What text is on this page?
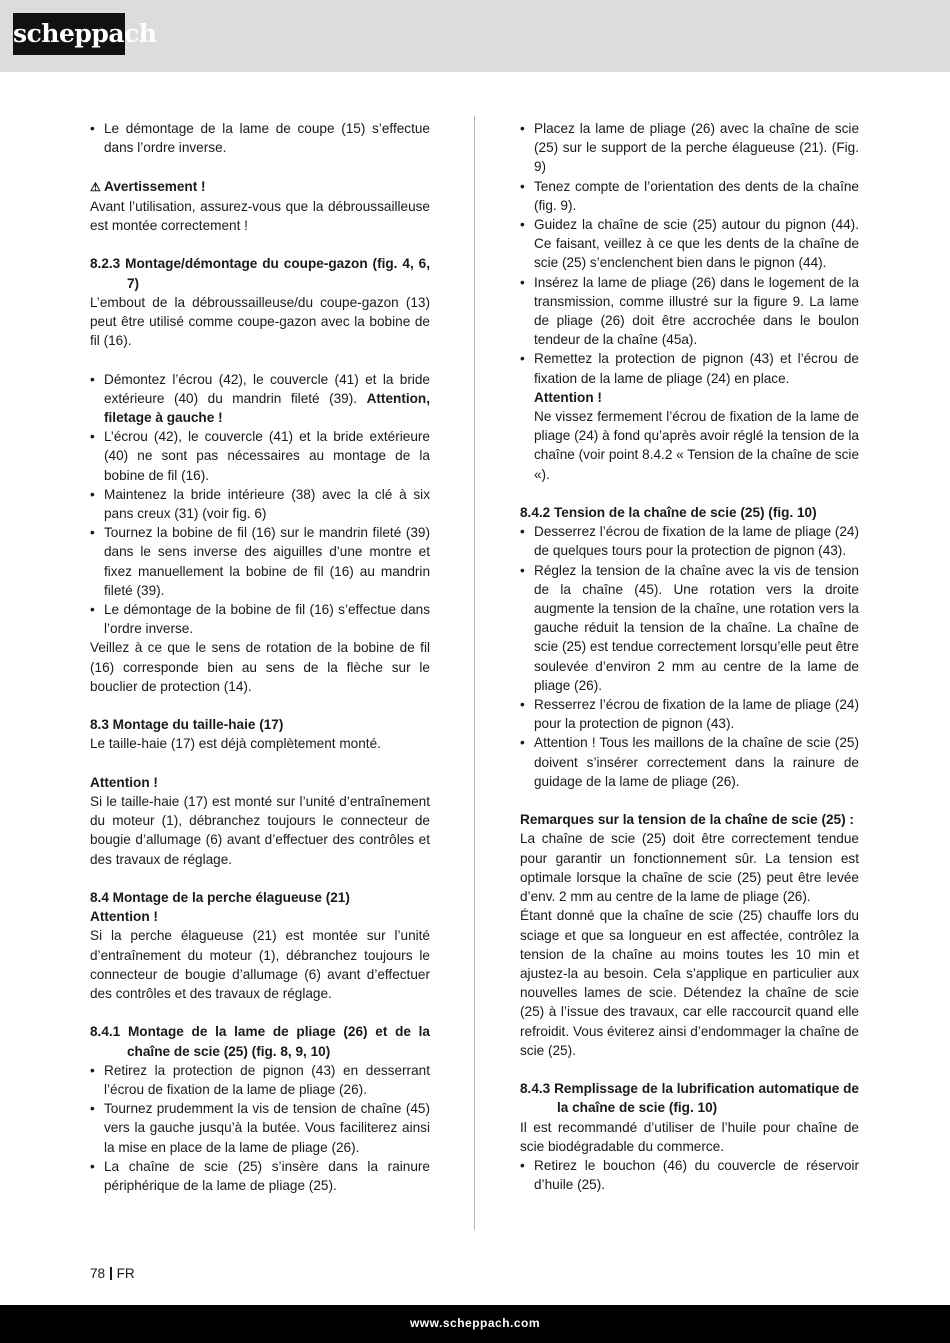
scheppach
• Le démontage de la lame de coupe (15) s’effectue dans l’ordre inverse.

⚠ Avertissement !

Avant l’utilisation, assurez-vous que la débroussailleuse est montée correctement !

8.2.3 Montage/démontage du coupe-gazon (fig. 4, 6, 7)

L’embout de la débroussailleuse/du coupe-gazon (13) peut être utilisé comme coupe-gazon avec la bobine de fil (16).

• Démontez l’écrou (42), le couvercle (41) et la bride extérieure (40) du mandrin fileté (39). Attention, filetage à gauche !
• L’écrou (42), le couvercle (41) et la bride extérieure (40) ne sont pas nécessaires au montage de la bobine de fil (16).
• Maintenez la bride intérieure (38) avec la clé à six pans creux (31) (voir fig. 6)
• Tournez la bobine de fil (16) sur le mandrin fileté (39) dans le sens inverse des aiguilles d’une montre et fixez manuellement la bobine de fil (16) au mandrin fileté (39).
• Le démontage de la bobine de fil (16) s’effectue dans l’ordre inverse.

Veillez à ce que le sens de rotation de la bobine de fil (16) corresponde bien au sens de la flèche sur le bouclier de protection (14).

8.3 Montage du taille-haie (17)

Le taille-haie (17) est déjà complètement monté.

Attention !

Si le taille-haie (17) est monté sur l’unité d’entraînement du moteur (1), débranchez toujours le connecteur de bougie d’allumage (6) avant d’effectuer des contrôles et des travaux de réglage.

8.4 Montage de la perche élagueuse (21)

Attention !

Si la perche élagueuse (21) est montée sur l’unité d’entraînement du moteur (1), débranchez toujours le connecteur de bougie d’allumage (6) avant d’effectuer des contrôles et des travaux de réglage.

8.4.1 Montage de la lame de pliage (26) et de la chaîne de scie (25) (fig. 8, 9, 10)

• Retirez la protection de pignon (43) en desserrant l’écrou de fixation de la lame de pliage (26).
• Tournez prudemment la vis de tension de chaîne (45) vers la gauche jusqu’à la butée. Vous faciliterez ainsi la mise en place de la lame de pliage (26).
• La chaîne de scie (25) s’insère dans la rainure périphérique de la lame de pliage (25).
• Placez la lame de pliage (26) avec la chaîne de scie (25) sur le support de la perche élagueuse (21). (Fig. 9)
• Tenez compte de l’orientation des dents de la chaîne (fig. 9).
• Guidez la chaîne de scie (25) autour du pignon (44). Ce faisant, veillez à ce que les dents de la chaîne de scie (25) s’enclenchent bien dans le pignon (44).
• Insérez la lame de pliage (26) dans le logement de la transmission, comme illustré sur la figure 9. La lame de pliage (26) doit être accrochée dans le boulon tendeur de la chaîne (45a).
• Remettez la protection de pignon (43) et l’écrou de fixation de la lame de pliage (24) en place.

Attention !

Ne vissez fermement l’écrou de fixation de la lame de pliage (24) à fond qu’après avoir réglé la tension de la chaîne (voir point 8.4.2 « Tension de la chaîne de scie «).

8.4.2 Tension de la chaîne de scie (25) (fig. 10)

• Desserrez l’écrou de fixation de la lame de pliage (24) de quelques tours pour la protection de pignon (43).
• Réglez la tension de la chaîne avec la vis de tension de la chaîne (45). Une rotation vers la droite augmente la tension de la chaîne, une rotation vers la gauche réduit la tension de la chaîne. La chaîne de scie (25) est tendue correctement lorsqu’elle peut être soulevée d’environ 2 mm au centre de la lame de pliage (26).
• Resserrez l’écrou de fixation de la lame de pliage (24) pour la protection de pignon (43).
• Attention ! Tous les maillons de la chaîne de scie (25) doivent s’insérer correctement dans la rainure de guidage de la lame de pliage (26).

Remarques sur la tension de la chaîne de scie (25) :

La chaîne de scie (25) doit être correctement tendue pour garantir un fonctionnement sûr. La tension est optimale lorsque la chaîne de scie (25) peut être levée d’env. 2 mm au centre de la lame de pliage (26).

Étant donné que la chaîne de scie (25) chauffe lors du sciage et que sa longueur en est affectée, contrôlez la tension de la chaîne au moins toutes les 10 min et ajustez-la au besoin. Cela s’applique en particulier aux nouvelles lames de scie. Détendez la chaîne de scie (25) à l’issue des travaux, car elle raccourcit quand elle refroidit. Vous éviterez ainsi d’endommager la chaîne de scie (25).

8.4.3 Remplissage de la lubrification automatique de la chaîne de scie (fig. 10)

Il est recommandé d’utiliser de l’huile pour chaîne de scie biodégradable du commerce.

• Retirez le bouchon (46) du couvercle de réservoir d’huile (25).
78 FR
www.scheppach.com
